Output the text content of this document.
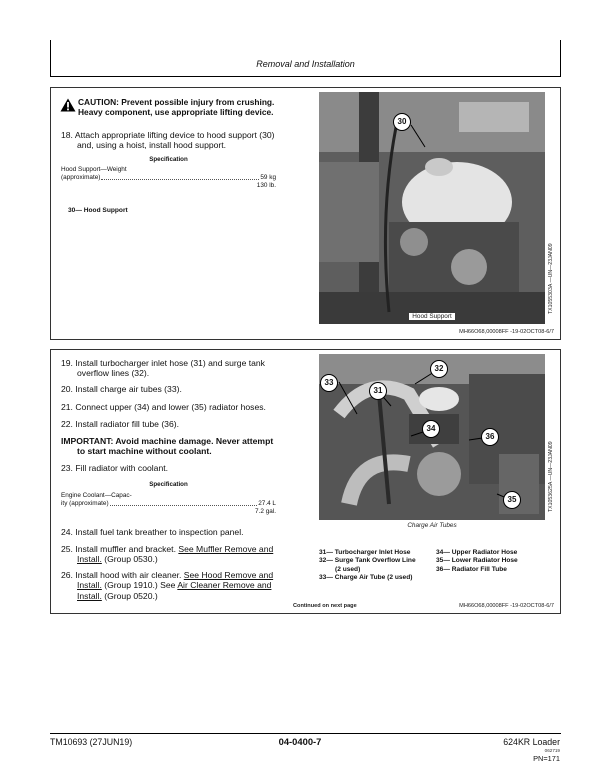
Removal and Installation
CAUTION: Prevent possible injury from crushing.
Heavy component, use appropriate lifting device.
18. Attach appropriate lifting device to hood support (30)
and, using a hoist, install hood support.
Specification
Hood Support—Weight
(approximate)	59 kg
130 lb.
30— Hood Support
30
Hood Support
TX1055303A —UN—23JAN09
MH66O68,00008FF -19-02OCT08-6/7
19. Install turbocharger inlet hose (31) and surge tank
overflow lines (32).
20. Install charge air tubes (33).
21. Connect upper (34) and lower (35) radiator hoses.
22. Install radiator fill tube (36).
IMPORTANT: Avoid machine damage. Never attempt
to start machine without coolant.
23. Fill radiator with coolant.
Specification
Engine Coolant—Capac-
ity (approximate)	27.4 L
7.2 gal.
24. Install fuel tank breather to inspection panel.
25. Install muffler and bracket. See Muffler Remove and
Install. (Group 0530.)
26. Install hood with air cleaner. See Hood Remove and
Install. (Group 1910.) See Air Cleaner Remove and
Install. (Group 0520.)
33
31
32
34
36
35
Charge Air Tubes
TX1053625A —UN—23JAN09
31— Turbocharger Inlet Hose
32— Surge Tank Overflow Line
(2 used)
33— Charge Air Tube (2 used)
34— Upper Radiator Hose
35— Lower Radiator Hose
36— Radiator Fill Tube
Continued on next page	MH66O68,00008FF -19-02OCT08-6/7
TM10693 (27JUN19)	04-0400-7	624KR Loader
062719
PN=171
